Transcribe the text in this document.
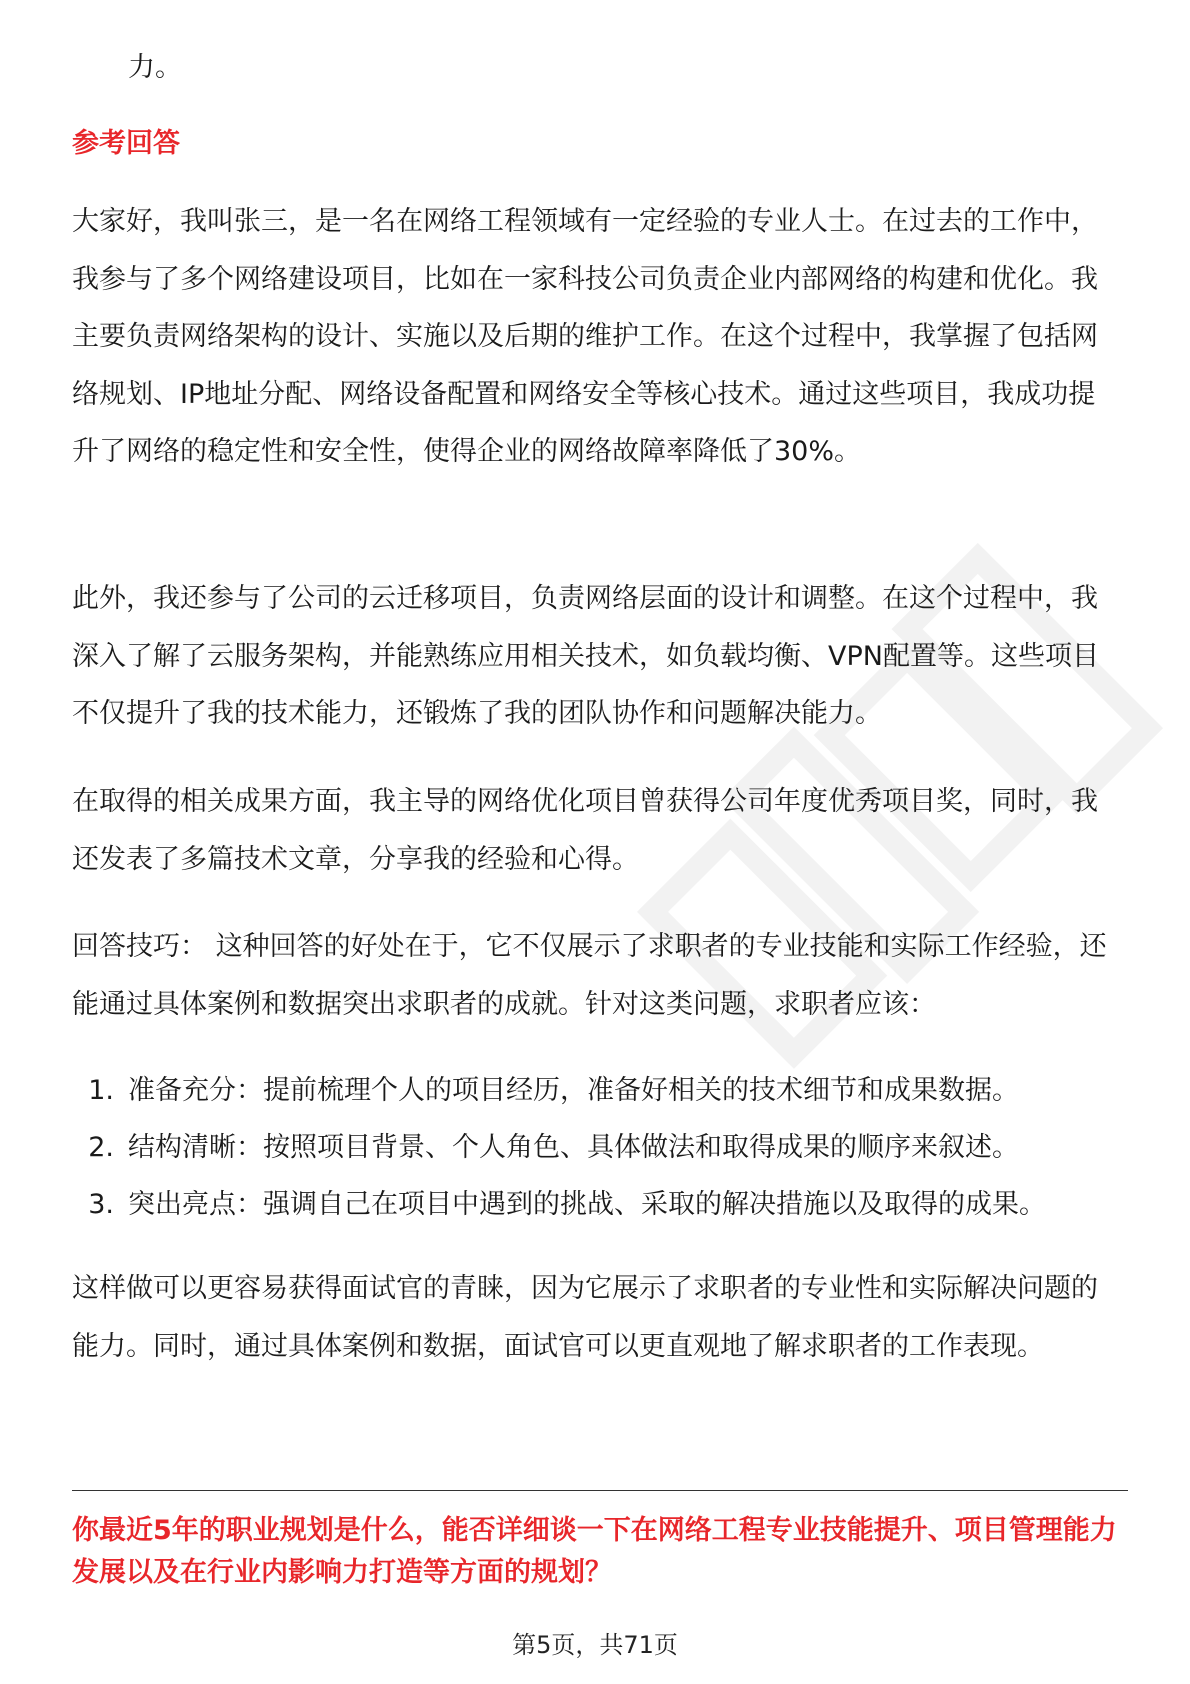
力。
参考回答

大家好，我叫张三，是一名在网络工程领域有一定经验的专业人士。在过去的工作中，我参与了多个网络建设项目，比如在一家科技公司负责企业内部网络的构建和优化。我主要负责网络架构的设计、实施以及后期的维护工作。在这个过程中，我掌握了包括网络规划、IP地址分配、网络设备配置和网络安全等核心技术。通过这些项目，我成功提升了网络的稳定性和安全性，使得企业的网络故障率降低了30%。

此外，我还参与了公司的云迁移项目，负责网络层面的设计和调整。在这个过程中，我深入了解了云服务架构，并能熟练应用相关技术，如负载均衡、VPN配置等。这些项目不仅提升了我的技术能力，还锻炼了我的团队协作和问题解决能力。

在取得的相关成果方面，我主导的网络优化项目曾获得公司年度优秀项目奖，同时，我还发表了多篇技术文章，分享我的经验和心得。

回答技巧： 这种回答的好处在于，它不仅展示了求职者的专业技能和实际工作经验，还能通过具体案例和数据突出求职者的成就。针对这类问题，求职者应该：

1. 准备充分：提前梳理个人的项目经历，准备好相关的技术细节和成果数据。
2. 结构清晰：按照项目背景、个人角色、具体做法和取得成果的顺序来叙述。
3. 突出亮点：强调自己在项目中遇到的挑战、采取的解决措施以及取得的成果。

这样做可以更容易获得面试官的青睐，因为它展示了求职者的专业性和实际解决问题的能力。同时，通过具体案例和数据，面试官可以更直观地了解求职者的工作表现。

你最近5年的职业规划是什么，能否详细谈一下在网络工程专业技能提升、项目管理能力发展以及在行业内影响力打造等方面的规划？

第5页，共71页
